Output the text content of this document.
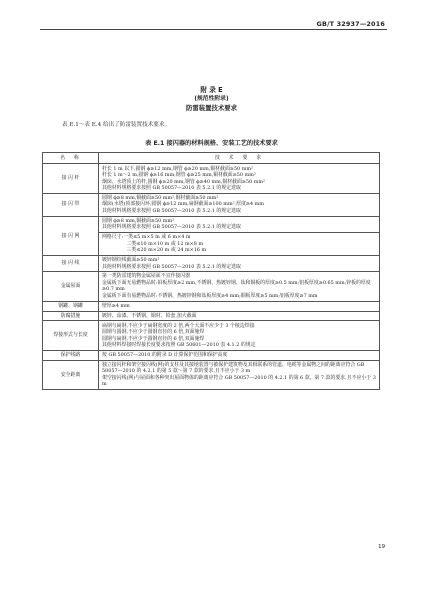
GB/T 32937—2016
附 录 E
(规范性附录)
防雷装置技术要求
表 E.1～表 E.4 给出了防雷装置技术要求。
表 E.1 接闪器的材料规格、安装工艺的技术要求
名　称	技　术　要　求
接 闪 杆	杆长 1 m 以下,圆钢 ϕ≥12 mm,钢管 ϕ≥20 mm,铜材截面≥50 mm²
杆长 1 m～2 m,圆钢 ϕ≥16 mm,钢管 ϕ≥25 mm,铜材截面≥50 mm²
烟囱、水塔顶上的杆,圆钢 ϕ≥20 mm,钢管 ϕ≥40 mm,铜材截面≥50 mm²
其他材料规格要求按照 GB 50057—2010 表 5.2.1 的规定选取

接 闪 带	圆钢 ϕ≥8 mm,铜截面≥50 mm²,铜材截面≥50 mm²
烟囱(水塔)顶部接闪环,圆钢 ϕ≥12 mm,扁钢截面≥100 mm²,厚度≥4 mm
其他材料规格要求按照 GB 50057—2010 表 5.2.1 的规定选取

接 闪 网	圆钢 ϕ≥8 mm,铜截面≥50 mm²
其他材料规格要求按照 GB 50057—2010 表 5.2.1 的规定选取

	网格尺寸:一类≤5 m×5 m 或 6 m×4 m
　　　　　二类≤10 m×10 m 或 12 m×8 m
　　　　　三类≤20 m×20 m 或 24 m×16 m

接 闪 线	镀锌钢绞线截面≥50 mm²
其他材料规格要求按照 GB 50057—2010 表 5.2.1 的规定选取

金属屋面	第一类防雷建筑物金属屋面不宜作接闪器
金属板下面无易燃物品时:铅板厚度≥2 mm,不锈钢、热镀锌钢、钛和铜板的厚度≥0.5 mm;铝板厚度≥0.65 mm;锌板的厚度≥0.7 mm
金属板下面有易燃物品时:不锈钢、热镀锌钢和钛板厚度≥4 mm;铜板厚度≥5 mm;铝板厚度≥7 mm

钢罐、钢罐	壁厚≥4 mm

防腐措施	镀锌、涂漆、不锈钢、铜材、铅套,加大截面

焊接形式与长度	扁钢与扁钢,不应少于扁钢宽度的 2 倍,两个大面不应少于 3 个棱边焊接
圆钢与圆钢,不应少于圆钢直径的 6 倍,双面施焊
圆钢与扁钢,不应少于圆钢直径的 6 倍,双面施焊
其他材料焊接时焊接长度要求按照 GB 50601—2010 表 4.1.2 的规定

保护线路	按 GB 50057—2010 的附录 D 计算保护范围和保护高度

安全距离	独立接闪杆和架空接闪线(网)的支柱及其接地装置与被保护建筑物及其相联系的管道、电缆等金属物之间的距离应符合 GB 50057—2010 的 4.2.1 的第 5 款～第 7 款的要求,且不应小于 3 m
架空接闪线(网)与屋面和各种突出屋面物体的距离应符合 GB 50057—2010 的 4.2.1 的第 6 款、第 7 款的要求,且不应小于 3 m
19
